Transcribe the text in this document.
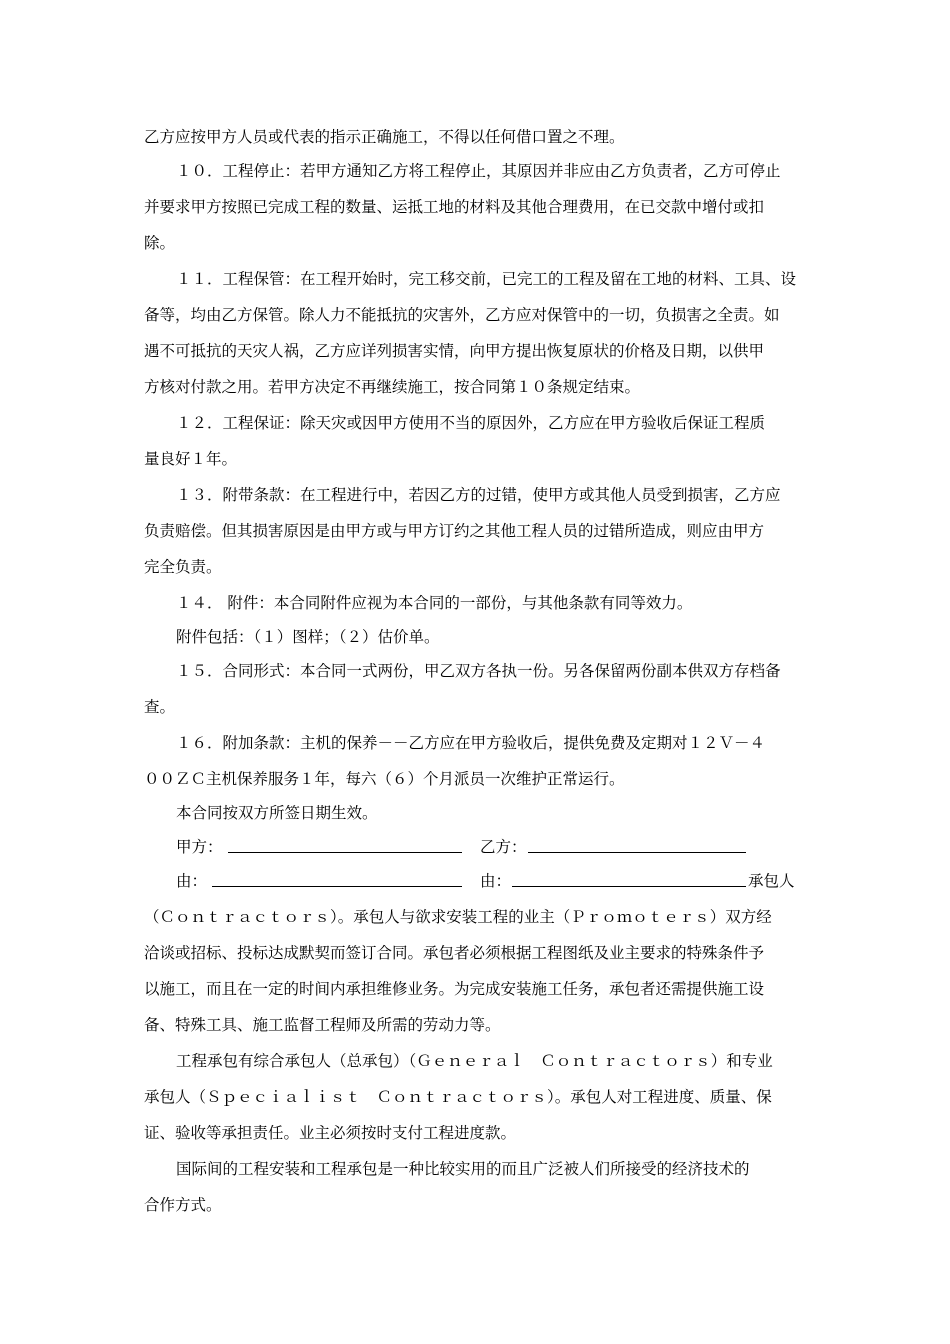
乙方应按甲方人员或代表的指示正确施工，不得以任何借口置之不理。
１０．工程停止：若甲方通知乙方将工程停止，其原因并非应由乙方负责者，乙方可停止
并要求甲方按照已完成工程的数量、运抵工地的材料及其他合理费用，在已交款中增付或扣
除。
１１．工程保管：在工程开始时，完工移交前，已完工的工程及留在工地的材料、工具、设
备等，均由乙方保管。除人力不能抵抗的灾害外，乙方应对保管中的一切，负损害之全责。如
遇不可抵抗的天灾人祸，乙方应详列损害实情，向甲方提出恢复原状的价格及日期，以供甲
方核对付款之用。若甲方决定不再继续施工，按合同第１０条规定结束。
１２．工程保证：除天灾或因甲方使用不当的原因外，乙方应在甲方验收后保证工程质
量良好１年。
１３．附带条款：在工程进行中，若因乙方的过错，使甲方或其他人员受到损害，乙方应
负责赔偿。但其损害原因是由甲方或与甲方订约之其他工程人员的过错所造成，则应由甲方
完全负责。
１４． 附件：本合同附件应视为本合同的一部份，与其他条款有同等效力。
附件包括：（１）图样；（２）估价单。
１５．合同形式：本合同一式两份，甲乙双方各执一份。另各保留两份副本供双方存档备
查。
１６．附加条款：主机的保养－－乙方应在甲方验收后，提供免费及定期对１２Ｖ－４
００ＺＣ主机保养服务１年，每六（６）个月派员一次维护正常运行。
本合同按双方所签日期生效。
甲方：	乙方：
由：	由：	承包人
（Ｃｏｎｔｒａｃｔｏｒｓ）。承包人与欲求安装工程的业主（Ｐｒｏｍｏｔｅｒｓ）双方经
洽谈或招标、投标达成默契而签订合同。承包者必须根据工程图纸及业主要求的特殊条件予
以施工，而且在一定的时间内承担维修业务。为完成安装施工任务，承包者还需提供施工设
备、特殊工具、施工监督工程师及所需的劳动力等。
工程承包有综合承包人（总承包）（Ｇｅｎｅｒａｌ　Ｃｏｎｔｒａｃｔｏｒｓ）和专业
承包人（Ｓｐｅｃｉａｌｉｓｔ　Ｃｏｎｔｒａｃｔｏｒｓ）。承包人对工程进度、质量、保
证、验收等承担责任。业主必须按时支付工程进度款。
国际间的工程安装和工程承包是一种比较实用的而且广泛被人们所接受的经济技术的
合作方式。
